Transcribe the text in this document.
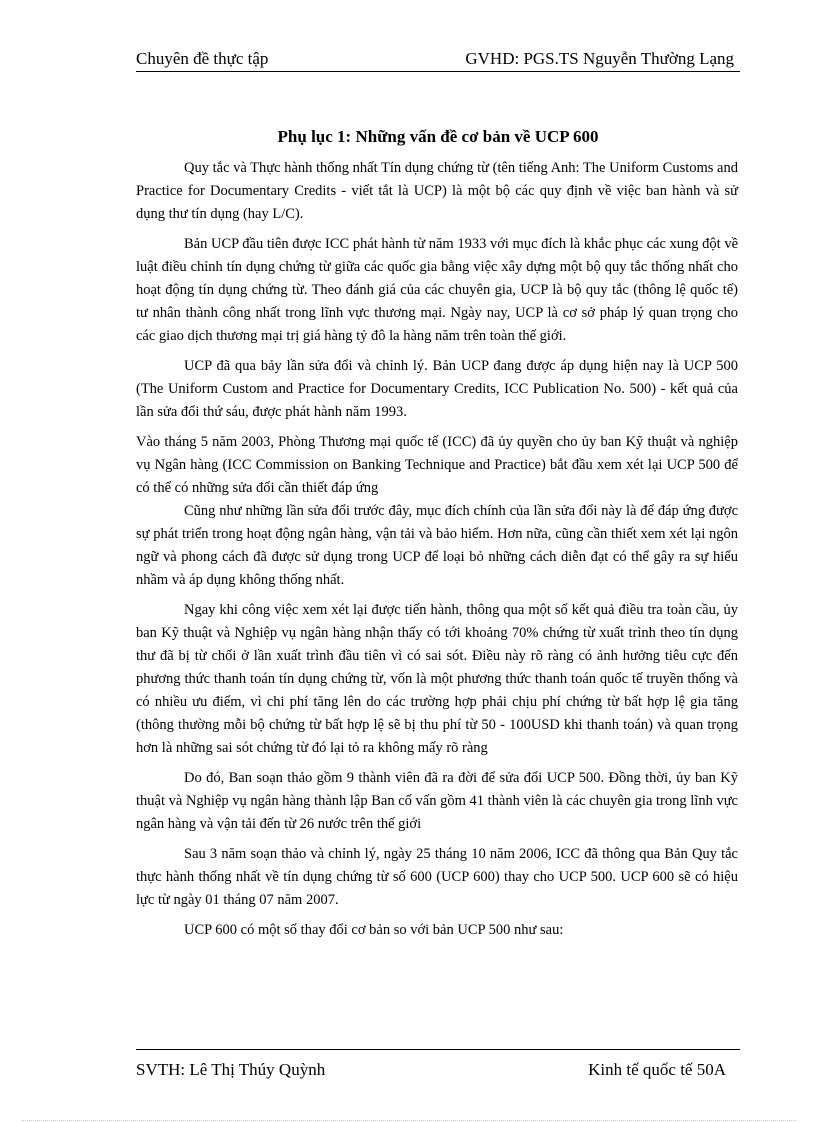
Chuyên đề thực tập	GVHD: PGS.TS Nguyễn Thường Lạng
Phụ lục 1: Những vấn đề cơ bản về UCP 600

Quy tắc và Thực hành thống nhất Tín dụng chứng từ (tên tiếng Anh: The Uniform Customs and Practice for Documentary Credits - viết tắt là UCP) là một bộ các quy định về việc ban hành và sử dụng thư tín dụng (hay L/C).

Bản UCP đầu tiên được ICC phát hành từ năm 1933 với mục đích là khắc phục các xung đột về luật điều chỉnh tín dụng chứng từ giữa các quốc gia bằng việc xây dựng một bộ quy tắc thống nhất cho hoạt động tín dụng chứng từ. Theo đánh giá của các chuyên gia, UCP là bộ quy tắc (thông lệ quốc tế) tư nhân thành công nhất trong lĩnh vực thương mại. Ngày nay, UCP là cơ sở pháp lý quan trọng cho các giao dịch thương mại trị giá hàng tỷ đô la hàng năm trên toàn thế giới.

UCP đã qua bảy lần sửa đổi và chỉnh lý. Bản UCP đang được áp dụng hiện nay là UCP 500 (The Uniform Custom and Practice for Documentary Credits, ICC Publication No. 500) - kết quả của lần sửa đổi thứ sáu, được phát hành năm 1993.

Vào tháng 5 năm 2003, Phòng Thương mại quốc tế (ICC) đã ủy quyền cho ủy ban Kỹ thuật và nghiệp vụ Ngân hàng (ICC Commission on Banking Technique and Practice) bắt đầu xem xét lại UCP 500 để có thể có những sửa đổi cần thiết đáp ứng

Cũng như những lần sửa đổi trước đây, mục đích chính của lần sửa đổi này là để đáp ứng được sự phát triển trong hoạt động ngân hàng, vận tải và bảo hiểm. Hơn nữa, cũng cần thiết xem xét lại ngôn ngữ và phong cách đã được sử dụng trong UCP để loại bỏ những cách diễn đạt có thể gây ra sự hiểu nhầm và áp dụng không thống nhất.

Ngay khi công việc xem xét lại được tiến hành, thông qua một số kết quả điều tra toàn cầu, ủy ban Kỹ thuật và Nghiệp vụ ngân hàng nhận thấy có tới khoảng 70% chứng từ xuất trình theo tín dụng thư đã bị từ chối ở lần xuất trình đầu tiên vì có sai sót. Điều này rõ ràng có ảnh hưởng tiêu cực đến phương thức thanh toán tín dụng chứng từ, vốn là một phương thức thanh toán quốc tế truyền thống và có nhiều ưu điểm, vì chi phí tăng lên do các trường hợp phải chịu phí chứng từ bất hợp lệ gia tăng (thông thường mỗi bộ chứng từ bất hợp lệ sẽ bị thu phí từ 50 - 100USD khi thanh toán) và quan trọng hơn là những sai sót chứng từ đó lại tỏ ra không mấy rõ ràng

Do đó, Ban soạn thảo gồm 9 thành viên đã ra đời để sửa đổi UCP 500. Đồng thời, ủy ban Kỹ thuật và Nghiệp vụ ngân hàng thành lập Ban cố vấn gồm 41 thành viên là các chuyên gia trong lĩnh vực ngân hàng và vận tải đến từ 26 nước trên thế giới

Sau 3 năm soạn thảo và chỉnh lý, ngày 25 tháng 10 năm 2006, ICC đã thông qua Bản Quy tắc thực hành thống nhất về tín dụng chứng từ số 600 (UCP 600) thay cho UCP 500. UCP 600 sẽ có hiệu lực từ ngày 01 tháng 07 năm 2007.

UCP 600 có một số thay đổi cơ bản so với bản UCP 500 như sau:

SVTH: Lê Thị Thúy Quỳnh	Kinh tế quốc tế 50A
